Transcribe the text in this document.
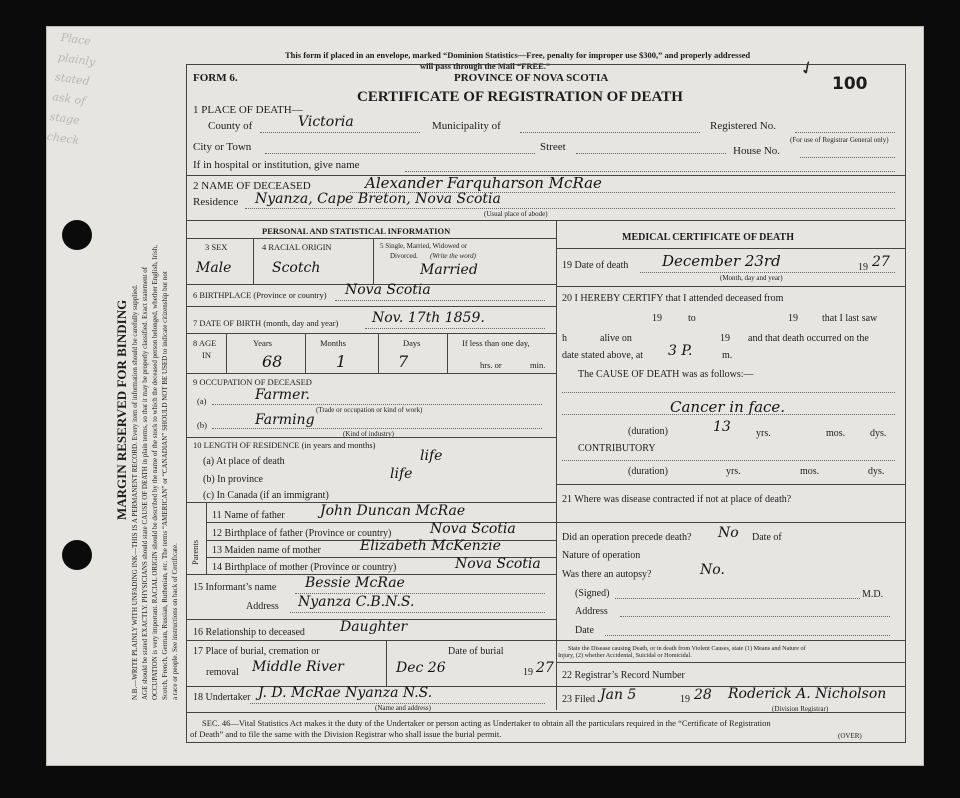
Place
plainly
stated
ask of
stage
check
MARGIN RESERVED FOR BINDING N.B.—WRITE PLAINLY WITH UNFADING INK—THIS IS A PERMANENT RECORD. Every item of information should be carefully supplied. AGE should be stated EXACTLY. PHYSICIANS should state CAUSE OF DEATH in plain terms, so that it may be properly classified. Exact statement of OCCUPATION is very important. RACIAL ORIGIN should be described by the name of the stock to which the deceased person belonged, whether English, Irish, Scotch, French, German, Russian, Ruthenian, etc. The terms “AMERICAN” or “CANADIAN” SHOULD NOT BE USED to indicate citizenship but not a race or people. See instructions on back of Certificate.
This form if placed in an envelope, marked “Dominion Statistics—Free, penalty for improper use $300,” and properly addressed
will pass through the Mail “FREE.”
PROVINCE OF NOVA SCOTIA
FORM 6.
CERTIFICATE OF REGISTRATION OF DEATH
100
✓
1 PLACE OF DEATH—
County of	Victoria	Municipality of	Registered No.
(For use of Registrar General only)
City or Town	Street	House No.
If in hospital or institution, give name
2 NAME OF DECEASED	Alexander Farquharson McRae
Residence Nyanza, Cape Breton, Nova Scotia
(Usual place of abode)
PERSONAL AND STATISTICAL INFORMATION
3 SEX	4 RACIAL ORIGIN	5 Single, Married, Widowed or
Divorced. (Write the word)
Male	Scotch	Married
6 BIRTHPLACE (Province or country) Nova Scotia
7 DATE OF BIRTH (month, day and year) Nov. 17th 1859.
8 AGE
IN
Years	Months	Days	If less than one day,
68	1	7	hrs. or	min.
9 OCCUPATION OF DECEASED
(a)	Farmer.
(Trade or occupation or kind of work)
(b)	Farming
(Kind of industry)
10 LENGTH OF RESIDENCE (in years and months)
(a) At place of death	life
(b) In province	life
(c) In Canada (if an immigrant)
Parents
11 Name of father	John Duncan McRae
12 Birthplace of father (Province or country)	Nova Scotia
13 Maiden name of mother	Elizabeth McKenzie
14 Birthplace of mother (Province or country)	Nova Scotia
15 Informant’s name Bessie McRae
Address Nyanza C.B.N.S.
16 Relationship to deceased	Daughter
17 Place of burial, cremation or
removal Middle River
Date of burial
Dec 26	19 27
18 Undertaker J. D. McRae Nyanza N.S.
(Name and address)
MEDICAL CERTIFICATE OF DEATH
19 Date of death December 23rd	19 27
(Month, day and year)
20 I HEREBY CERTIFY that I attended deceased from
19	to	19 that I last saw
h	alive on	19 and that death occurred on the
date stated above, at 3 P.	m.
The CAUSE OF DEATH was as follows:—
Cancer in face.
(duration)	13	yrs.	mos. dys.
CONTRIBUTORY
(duration)	yrs.	mos.	dys.
21 Where was disease contracted if not at place of death?
Did an operation precede death? No Date of
Nature of operation
Was there an autopsy?	No.
(Signed)	M.D.
Address
Date
State the Disease causing Death, or in death from Violent Causes, state (1) Means and Nature of
Injury, (2) whether Accidental, Suicidal or Homicidal.
22 Registrar’s Record Number
23 Filed Jan 5	19 28 Roderick A. Nicholson
(Division Registrar)
SEC. 46—Vital Statistics Act makes it the duty of the Undertaker or person acting as Undertaker to obtain all the particulars required in the “Certificate of Registration
of Death” and to file the same with the Division Registrar who shall issue the burial permit.	(OVER)
